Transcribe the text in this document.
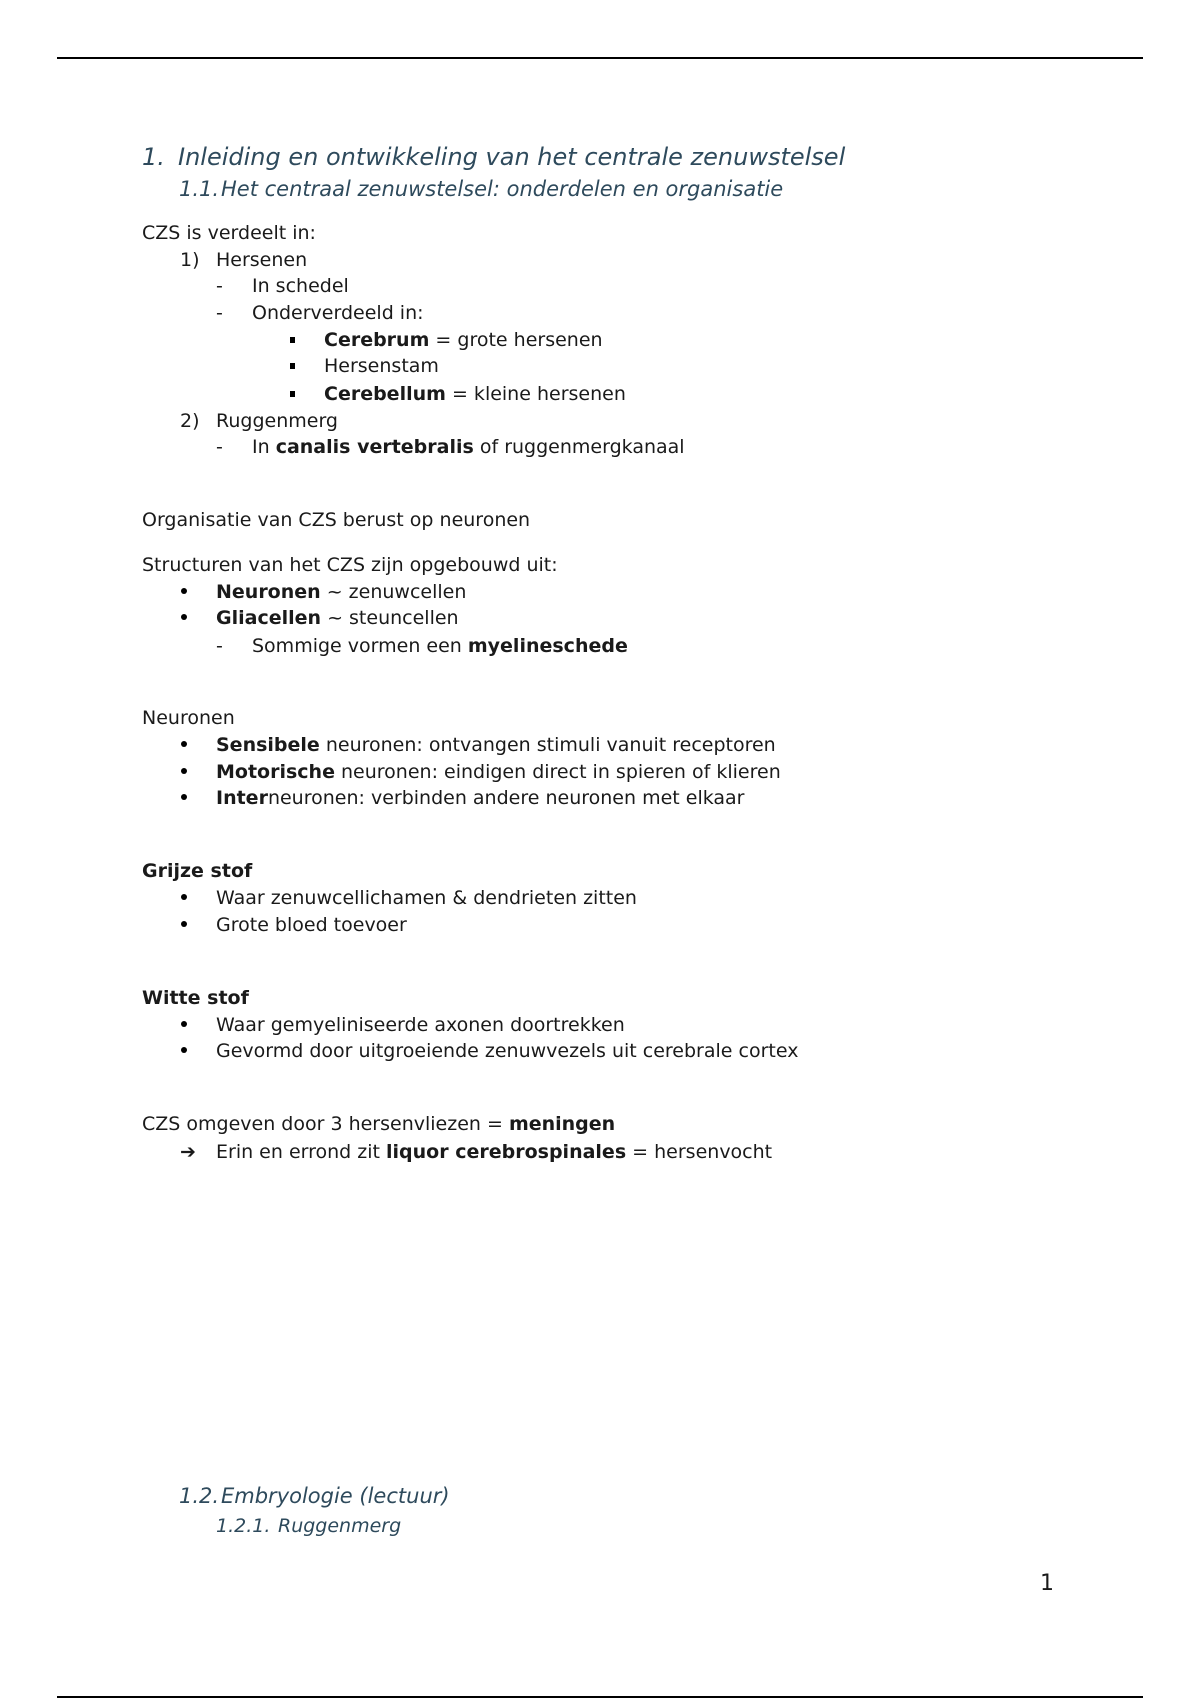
1. Inleiding en ontwikkeling van het centrale zenuwstelsel
1.1.Het centraal zenuwstelsel: onderdelen en organisatie
CZS is verdeelt in:
1) Hersenen
- In schedel
- Onderverdeeld in:
Cerebrum = grote hersenen
Hersenstam
Cerebellum = kleine hersenen
2) Ruggenmerg
- In canalis vertebralis of ruggenmergkanaal
Organisatie van CZS berust op neuronen
Structuren van het CZS zijn opgebouwd uit:
Neuronen ~ zenuwcellen
Gliacellen ~ steuncellen
- Sommige vormen een myelineschede
Neuronen
Sensibele neuronen: ontvangen stimuli vanuit receptoren
Motorische neuronen: eindigen direct in spieren of klieren
Interneuronen: verbinden andere neuronen met elkaar
Grijze stof
Waar zenuwcellichamen & dendrieten zitten
Grote bloed toevoer
Witte stof
Waar gemyeliniseerde axonen doortrekken
Gevormd door uitgroeiende zenuwvezels uit cerebrale cortex
CZS omgeven door 3 hersenvliezen = meningen
➔ Erin en errond zit liquor cerebrospinales = hersenvocht
1.2.Embryologie (lectuur)
1.2.1. Ruggenmerg
1
